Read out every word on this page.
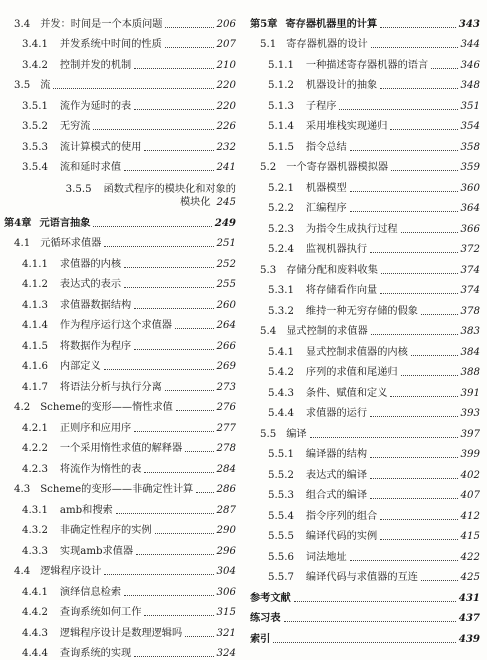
3.4 并发：时间是一个本质问题	206
3.4.1 并发系统中时间的性质	207
3.4.2 控制并发的机制	210
3.5 流	220
3.5.1 流作为延时的表	220
3.5.2 无穷流	226
3.5.3 流计算模式的使用	232
3.5.4 流和延时求值	241
3.5.5 函数式程序的模块化和对象的
模块化 245
第4章 元语言抽象	249
4.1 元循环求值器	251
4.1.1 求值器的内核	252
4.1.2 表达式的表示	255
4.1.3 求值器数据结构	260
4.1.4 作为程序运行这个求值器	264
4.1.5 将数据作为程序	266
4.1.6 内部定义	269
4.1.7 将语法分析与执行分离	273
4.2 Scheme的变形——惰性求值	276
4.2.1 正则序和应用序	277
4.2.2 一个采用惰性求值的解释器	278
4.2.3 将流作为惰性的表	284
4.3 Scheme的变形——非确定性计算 286
4.3.1 amb和搜索	287
4.3.2 非确定性程序的实例	290
4.3.3 实现amb求值器	296
4.4 逻辑程序设计	304
4.4.1 演绎信息检索	306
4.4.2 查询系统如何工作	315
4.4.3 逻辑程序设计是数理逻辑吗	321
4.4.4 查询系统的实现	324
第5章 寄存器机器里的计算	343
5.1 寄存器机器的设计	344
5.1.1 一种描述寄存器机器的语言	346
5.1.2 机器设计的抽象	348
5.1.3 子程序	351
5.1.4 采用堆栈实现递归	354
5.1.5 指令总结	358
5.2 一个寄存器机器模拟器	359
5.2.1 机器模型	360
5.2.2 汇编程序	364
5.2.3 为指令生成执行过程	366
5.2.4 监视机器执行	372
5.3 存储分配和废料收集	374
5.3.1 将存储看作向量	374
5.3.2 维持一种无穷存储的假象	378
5.4 显式控制的求值器	383
5.4.1 显式控制求值器的内核	384
5.4.2 序列的求值和尾递归	388
5.4.3 条件、赋值和定义	391
5.4.4 求值器的运行	393
5.5 编译	397
5.5.1 编译器的结构	399
5.5.2 表达式的编译	402
5.5.3 组合式的编译	407
5.5.4 指令序列的组合	412
5.5.5 编译代码的实例	415
5.5.6 词法地址	422
5.5.7 编译代码与求值器的互连	425
参考文献	431
练习表	437
索引	439
